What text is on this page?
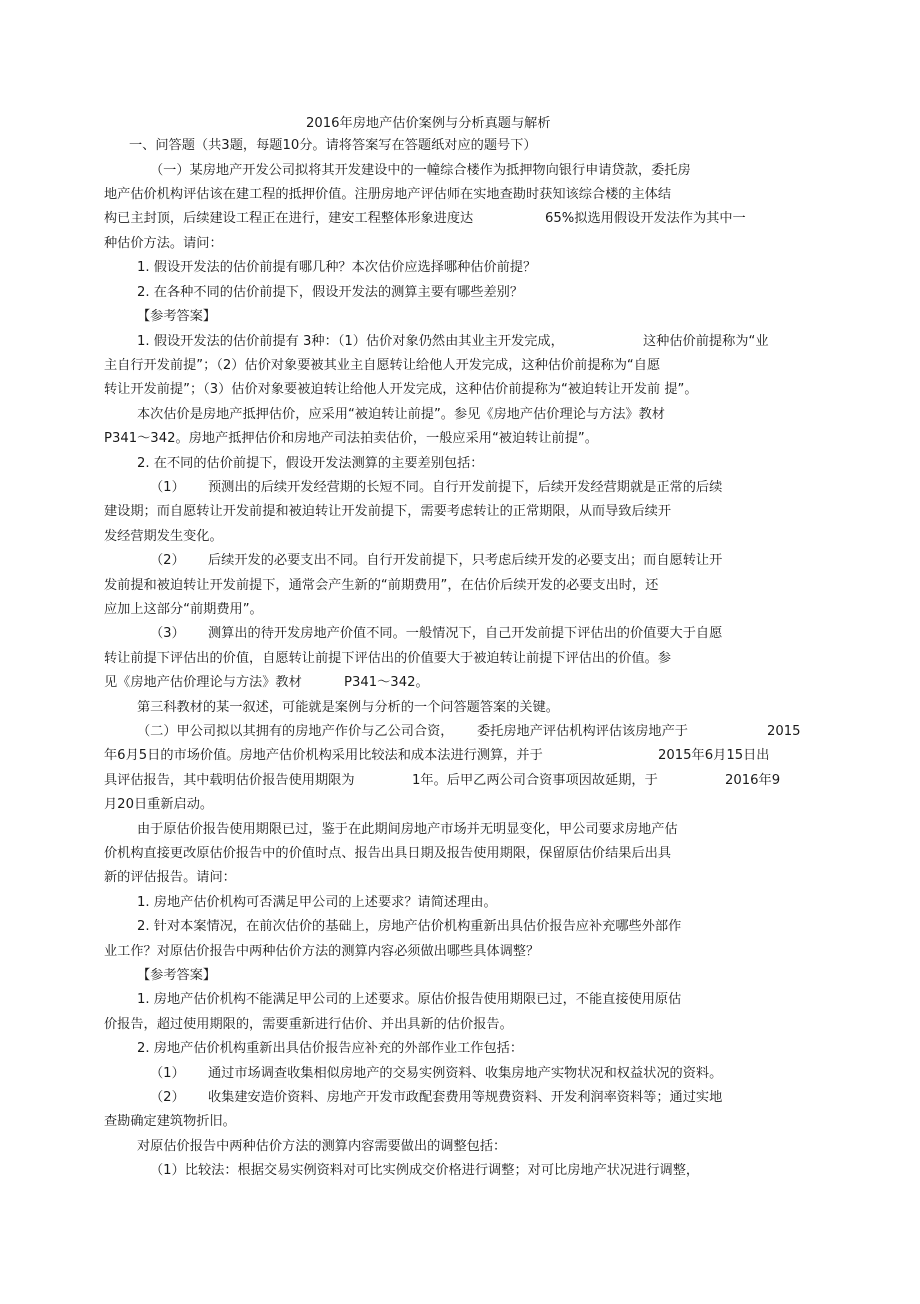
2016年房地产估价案例与分析真题与解析
一、问答题（共3题，每题10分。请将答案写在答题纸对应的题号下）
（一）某房地产开发公司拟将其开发建设中的一幢综合楼作为抵押物向银行申请贷款，委托房
地产估价机构评估该在建工程的抵押价值。注册房地产评估师在实地查勘时获知该综合楼的主体结
构已主封顶，后续建设工程正在进行，建安工程整体形象进度达	65%拟选用假设开发法作为其中一
种估价方法。请问：
1. 假设开发法的估价前提有哪几种？本次估价应选择哪种估价前提？
2. 在各种不同的估价前提下，假设开发法的测算主要有哪些差别？
【参考答案】
1. 假设开发法的估价前提有 3种：（1）估价对象仍然由其业主开发完成，	这种估价前提称为“业
主自行开发前提”；（2）估价对象要被其业主自愿转让给他人开发完成，这种估价前提称为“自愿
转让开发前提”；（3）估价对象要被迫转让给他人开发完成，这种估价前提称为“被迫转让开发前 提”。
本次估价是房地产抵押估价，应采用“被迫转让前提”。参见《房地产估价理论与方法》教材
P341～342。房地产抵押估价和房地产司法拍卖估价，一般应采用“被迫转让前提”。
2. 在不同的估价前提下，假设开发法测算的主要差别包括：
（1） 预测出的后续开发经营期的长短不同。自行开发前提下，后续开发经营期就是正常的后续
建设期；而自愿转让开发前提和被迫转让开发前提下，需要考虑转让的正常期限，从而导致后续开
发经营期发生变化。
（2） 后续开发的必要支出不同。自行开发前提下，只考虑后续开发的必要支出；而自愿转让开
发前提和被迫转让开发前提下，通常会产生新的“前期费用”，在估价后续开发的必要支出时，还
应加上这部分“前期费用”。
（3） 测算出的待开发房地产价值不同。一般情况下，自己开发前提下评估出的价值要大于自愿
转让前提下评估出的价值，自愿转让前提下评估出的价值要大于被迫转让前提下评估出的价值。参
见《房地产估价理论与方法》教材	P341～342。
第三科教材的某一叙述，可能就是案例与分析的一个问答题答案的关键。
（二）甲公司拟以其拥有的房地产作价与乙公司合资， 委托房地产评估机构评估该房地产于	2015
年6月5日的市场价值。房地产估价机构采用比较法和成本法进行测算，并于	2015年6月15日出
具评估报告，其中载明估价报告使用期限为	1年。后甲乙两公司合资事项因故延期，于	2016年9
月20日重新启动。
由于原估价报告使用期限已过，鉴于在此期间房地产市场并无明显变化，甲公司要求房地产估
价机构直接更改原估价报告中的价值时点、报告出具日期及报告使用期限，保留原估价结果后出具
新的评估报告。请问：
1. 房地产估价机构可否满足甲公司的上述要求？请简述理由。
2. 针对本案情况，在前次估价的基础上，房地产估价机构重新出具估价报告应补充哪些外部作
业工作？对原估价报告中两种估价方法的测算内容必须做出哪些具体调整？
【参考答案】
1. 房地产估价机构不能满足甲公司的上述要求。原估价报告使用期限已过，不能直接使用原估
价报告，超过使用期限的，需要重新进行估价、并出具新的估价报告。
2. 房地产估价机构重新出具估价报告应补充的外部作业工作包括：
（1） 通过市场调查收集相似房地产的交易实例资料、收集房地产实物状况和权益状况的资料。
（2） 收集建安造价资料、房地产开发市政配套费用等规费资料、开发利润率资料等；通过实地
查勘确定建筑物折旧。
对原估价报告中两种估价方法的测算内容需要做出的调整包括：
（1）比较法：根据交易实例资料对可比实例成交价格进行调整；对可比房地产状况进行调整，
